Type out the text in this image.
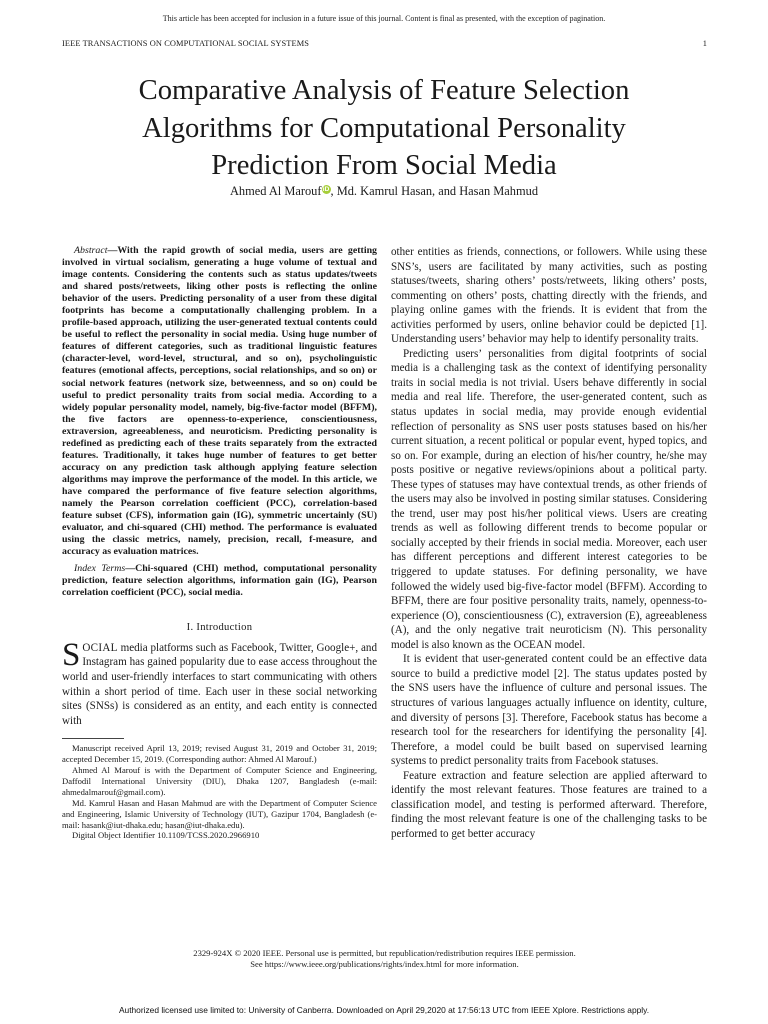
This article has been accepted for inclusion in a future issue of this journal. Content is final as presented, with the exception of pagination.
IEEE TRANSACTIONS ON COMPUTATIONAL SOCIAL SYSTEMS	1
Comparative Analysis of Feature Selection
Algorithms for Computational Personality
Prediction From Social Media
Ahmed Al MaroufiD, Md. Kamrul Hasan, and Hasan Mahmud

Abstract—With the rapid growth of social media, users are getting involved in virtual socialism, generating a huge volume of textual and image contents. Considering the contents such as status updates/tweets and shared posts/retweets, liking other posts is reflecting the online behavior of the users. Predicting personality of a user from these digital footprints has become a computationally challenging problem. In a profile-based approach, utilizing the user-generated textual contents could be useful to reflect the personality in social media. Using huge number of features of different categories, such as traditional linguistic features (character-level, word-level, structural, and so on), psycholinguistic features (emotional affects, perceptions, social relationships, and so on) or social network features (network size, betweenness, and so on) could be useful to predict personality traits from social media. According to a widely popular personality model, namely, big-five-factor model (BFFM), the five factors are openness-to-experience, conscientiousness, extraversion, agreeableness, and neuroticism. Predicting personality is redefined as predicting each of these traits separately from the extracted features. Traditionally, it takes huge number of features to get better accuracy on any prediction task although applying feature selection algorithms may improve the performance of the model. In this article, we have compared the performance of five feature selection algorithms, namely the Pearson correlation coefficient (PCC), correlation-based feature subset (CFS), information gain (IG), symmetric uncertainly (SU) evaluator, and chi-squared (CHI) method. The performance is evaluated using the classic metrics, namely, precision, recall, f-measure, and accuracy as evaluation matrices.

Index Terms—Chi-squared (CHI) method, computational personality prediction, feature selection algorithms, information gain (IG), Pearson correlation coefficient (PCC), social media.

I. Introduction

SOCIAL media platforms such as Facebook, Twitter, Google+, and Instagram has gained popularity due to ease access throughout the world and user-friendly interfaces to start communicating with others within a short period of time. Each user in these social networking sites (SNSs) is considered as an entity, and each entity is connected with

Manuscript received April 13, 2019; revised August 31, 2019 and October 31, 2019; accepted December 15, 2019. (Corresponding author: Ahmed Al Marouf.)

Ahmed Al Marouf is with the Department of Computer Science and Engineering, Daffodil International University (DIU), Dhaka 1207, Bangladesh (e-mail: ahmedalmarouf@gmail.com).

Md. Kamrul Hasan and Hasan Mahmud are with the Department of Computer Science and Engineering, Islamic University of Technology (IUT), Gazipur 1704, Bangladesh (e-mail: hasank@iut-dhaka.edu; hasan@iut-dhaka.edu).

Digital Object Identifier 10.1109/TCSS.2020.2966910

other entities as friends, connections, or followers. While using these SNS’s, users are facilitated by many activities, such as posting statuses/tweets, sharing others’ posts/retweets, liking others’ posts, commenting on others’ posts, chatting directly with the friends, and playing online games with the friends. It is evident that from the activities performed by users, online behavior could be depicted [1]. Understanding users’ behavior may help to identify personality traits.

Predicting users’ personalities from digital footprints of social media is a challenging task as the context of identifying personality traits in social media is not trivial. Users behave differently in social media and real life. Therefore, the user-generated content, such as status updates in social media, may provide enough evidential reflection of personality as SNS user posts statuses based on his/her current situation, a recent political or popular event, hyped topics, and so on. For example, during an election of his/her country, he/she may posts positive or negative reviews/opinions about a political party. These types of statuses may have contextual trends, as other friends of the users may also be involved in posting similar statuses. Considering the trend, user may post his/her political views. Users are creating trends as well as following different trends to become popular or socially accepted by their friends in social media. Moreover, each user has different perceptions and different interest categories to be triggered to update statuses. For defining personality, we have followed the widely used big-five-factor model (BFFM). According to BFFM, there are four positive personality traits, namely, openness-to-experience (O), conscientiousness (C), extraversion (E), agreeableness (A), and the only negative trait neuroticism (N). This personality model is also known as the OCEAN model.

It is evident that user-generated content could be an effective data source to build a predictive model [2]. The status updates posted by the SNS users have the influence of culture and personal issues. The structures of various languages actually influence on identity, culture, and diversity of persons [3]. Therefore, Facebook status has become a research tool for the researchers for identifying the personality [4]. Therefore, a model could be built based on supervised learning systems to predict personality traits from Facebook statuses.

Feature extraction and feature selection are applied afterward to identify the most relevant features. Those features are trained to a classification model, and testing is performed afterward. Therefore, finding the most relevant feature is one of the challenging tasks to be performed to get better accuracy

2329-924X © 2020 IEEE. Personal use is permitted, but republication/redistribution requires IEEE permission.
See https://www.ieee.org/publications/rights/index.html for more information.
Authorized licensed use limited to: University of Canberra. Downloaded on April 29,2020 at 17:56:13 UTC from IEEE Xplore. Restrictions apply.
